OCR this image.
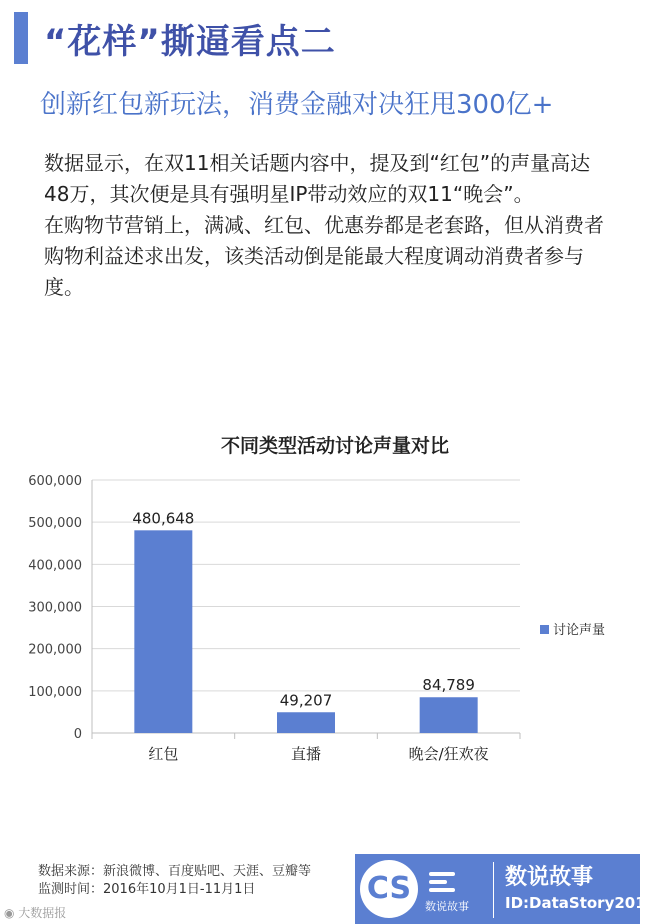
“花样”撕逼看点二
创新红包新玩法，消费金融对决狂甩300亿+

数据显示，在双11相关话题内容中，提及到“红包”的声量高达48万，其次便是具有强明星IP带动效应的双11“晚会”。

在购物节营销上，满减、红包、优惠券都是老套路，但从消费者购物利益述求出发，该类活动倒是能最大程度调动消费者参与度。

不同类型活动讨论声量对比
0
100,000
200,000
300,000
400,000
500,000
600,000
480,648
红包
49,207
直播
84,789
晚会/狂欢夜
讨论声量
数据来源：新浪微博、百度贴吧、天涯、豆瓣等
监测时间：2016年10月1日-11月1日
◉ 大数据报
CS
数说故事
数说故事
ID:DataStory2015
